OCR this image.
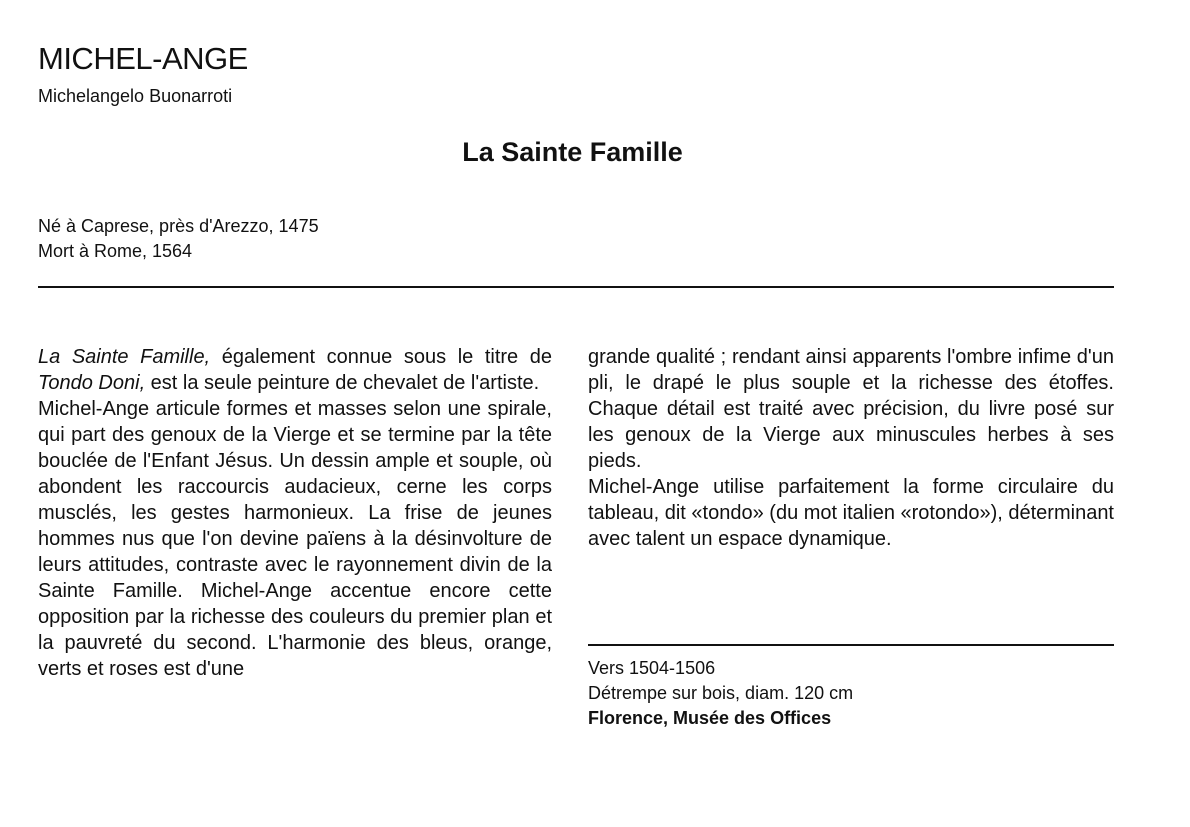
MICHEL-ANGE
Michelangelo Buonarroti
La Sainte Famille
Né à Caprese, près d'Arezzo, 1475
Mort à Rome, 1564

La Sainte Famille, également connue sous le titre de Tondo Doni, est la seule peinture de chevalet de l'artiste.

Michel-Ange articule formes et masses selon une spirale, qui part des genoux de la Vierge et se termine par la tête bouclée de l'Enfant Jésus. Un dessin ample et souple, où abondent les raccourcis audacieux, cerne les corps musclés, les gestes harmonieux. La frise de jeunes hommes nus que l'on devine païens à la désinvolture de leurs attitudes, contraste avec le rayonnement divin de la Sainte Famille. Michel-Ange accentue encore cette opposition par la richesse des couleurs du premier plan et la pauvreté du second. L'harmonie des bleus, orange, verts et roses est d'une

grande qualité ; rendant ainsi apparents l'ombre infime d'un pli, le drapé le plus souple et la richesse des étoffes. Chaque détail est traité avec précision, du livre posé sur les genoux de la Vierge aux minuscules herbes à ses pieds.

Michel-Ange utilise parfaitement la forme circulaire du tableau, dit «tondo» (du mot italien «rotondo»), déterminant avec talent un espace dynamique.

Vers 1504-1506
Détrempe sur bois, diam. 120 cm
Florence, Musée des Offices
